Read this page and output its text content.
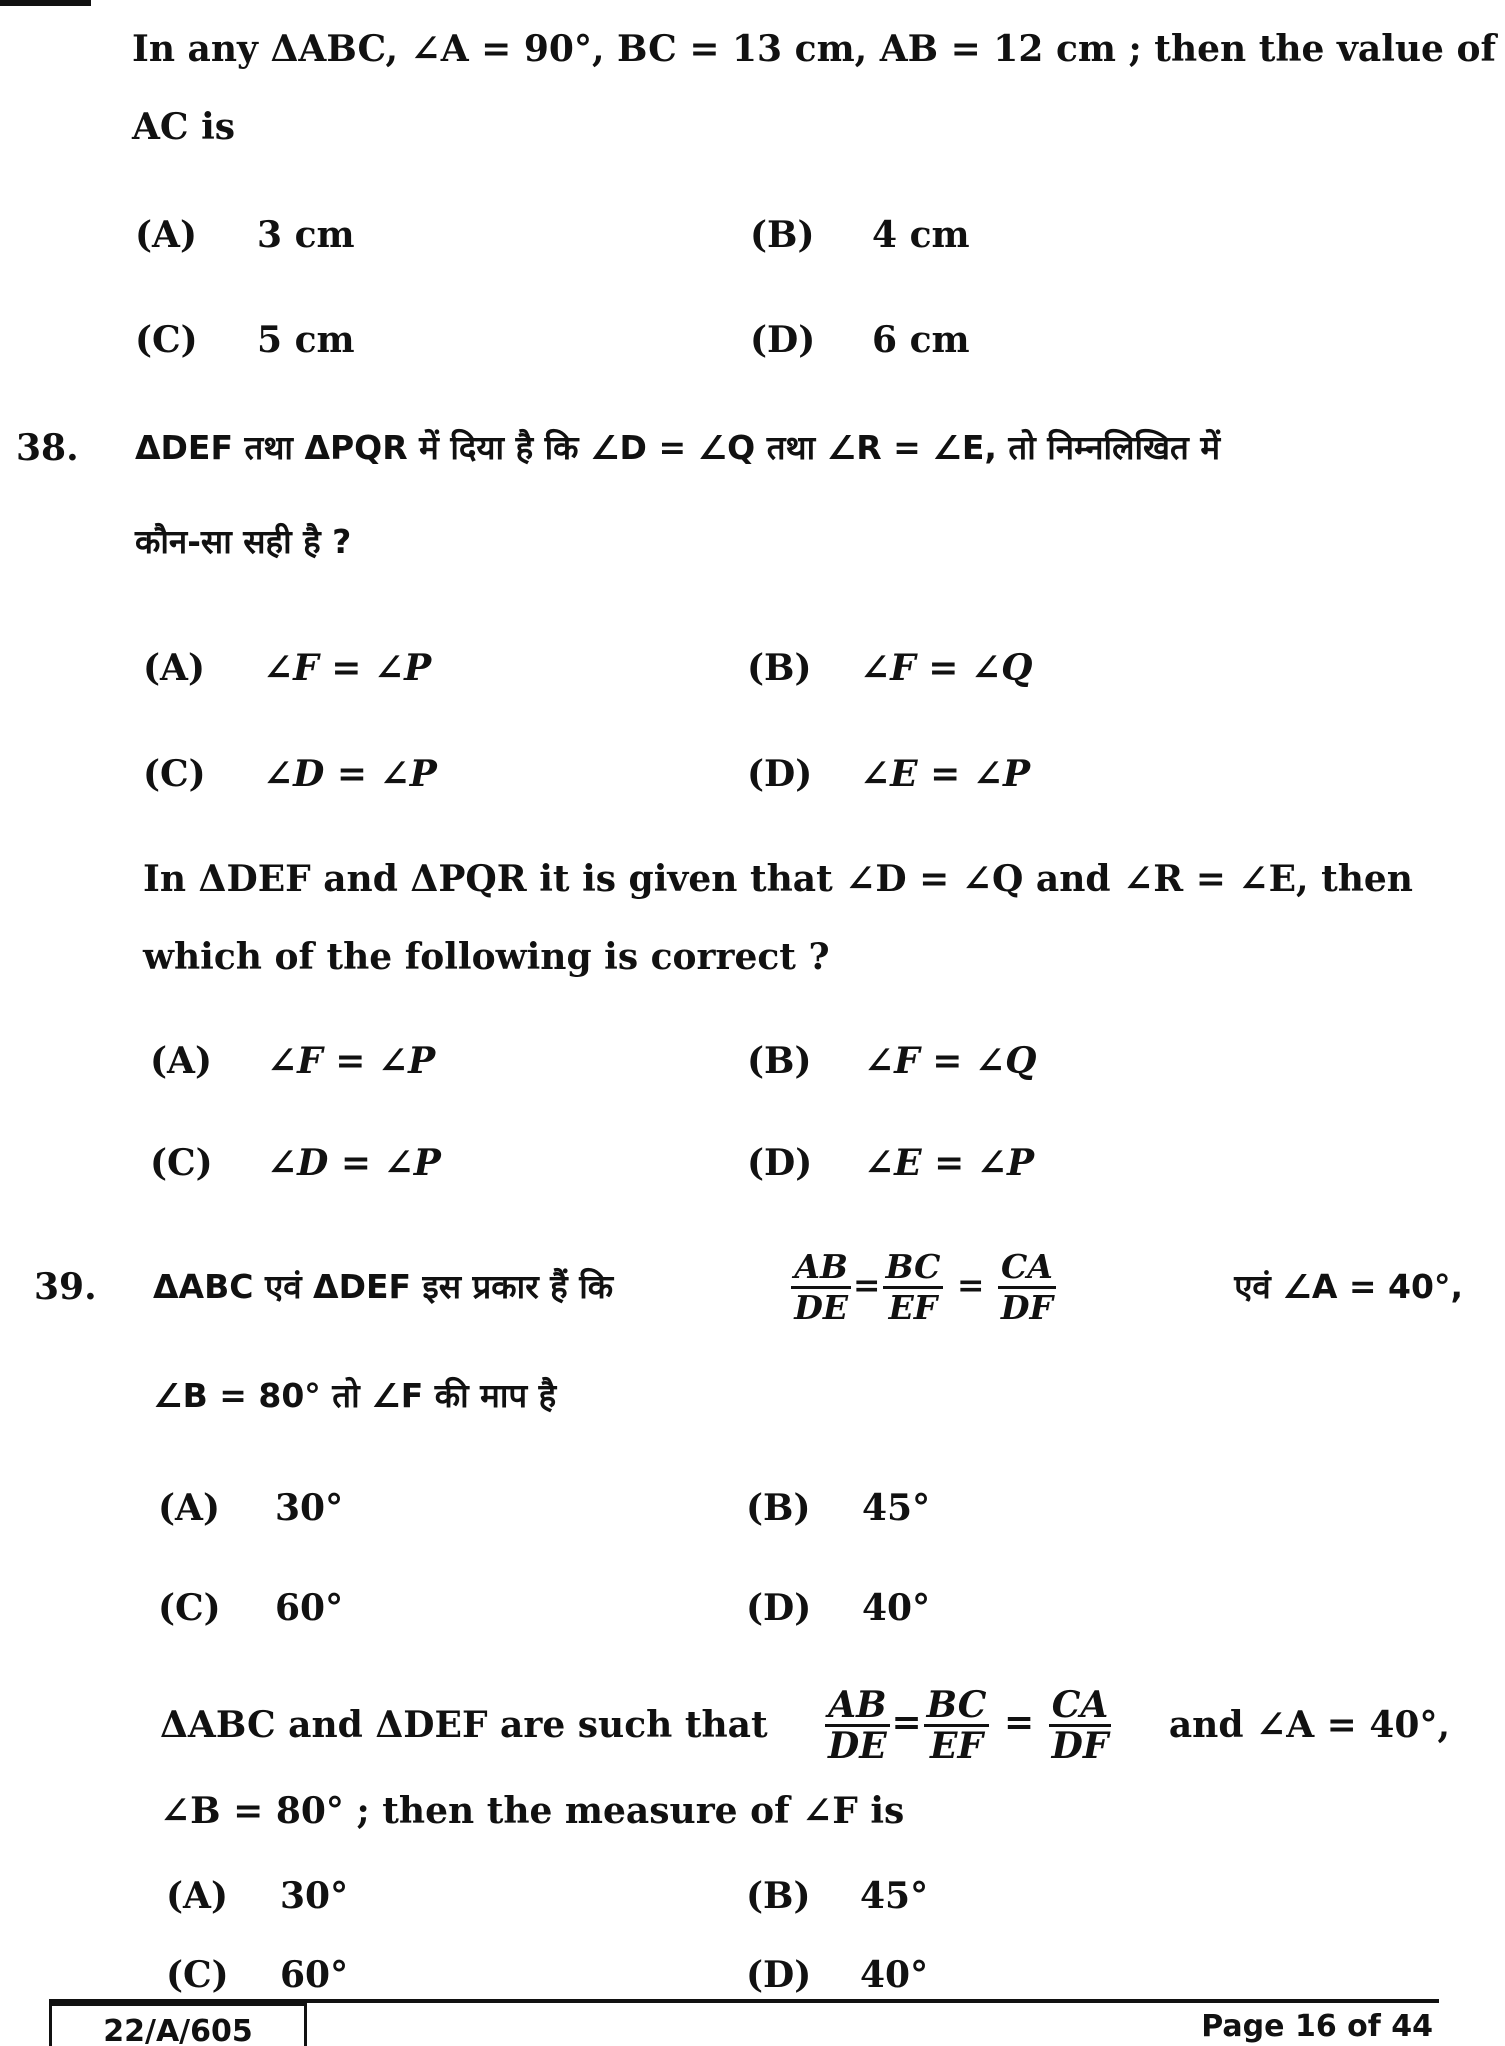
In any ΔABC, ∠A = 90°, BC = 13 cm, AB = 12 cm ; then the value of
AC is
(A) 3 cm	(B) 4 cm
(C) 5 cm	(D) 6 cm
38. ΔDEF तथा ΔPQR में दिया है कि ∠D = ∠Q तथा ∠R = ∠E, तो निम्नलिखित में
कौन-सा सही है ?
(A) ∠F = ∠P	(B) ∠F = ∠Q
(C) ∠D = ∠P	(D) ∠E = ∠P
In ΔDEF and ΔPQR it is given that ∠D = ∠Q and ∠R = ∠E, then
which of the following is correct ?
(A) ∠F = ∠P	(B) ∠F = ∠Q
(C) ∠D = ∠P	(D) ∠E = ∠P
39. ΔABC एवं ΔDEF इस प्रकार हैं कि	$\frac{AB}{DE} = \frac{BC}{EF} = \frac{CA}{DF}$	एवं ∠A = 40°,
∠B = 80° तो ∠F की माप है
(A) 30°	(B) 45°
(C) 60°	(D) 40°
ΔABC and ΔDEF are such that $\frac{AB}{DE} = \frac{BC}{EF} = \frac{CA}{DF}$ and ∠A = 40°,
∠B = 80° ; then the measure of ∠F is
(A) 30°	(B) 45°
(C) 60°	(D) 40°
22/A/605	Page 16 of 44
